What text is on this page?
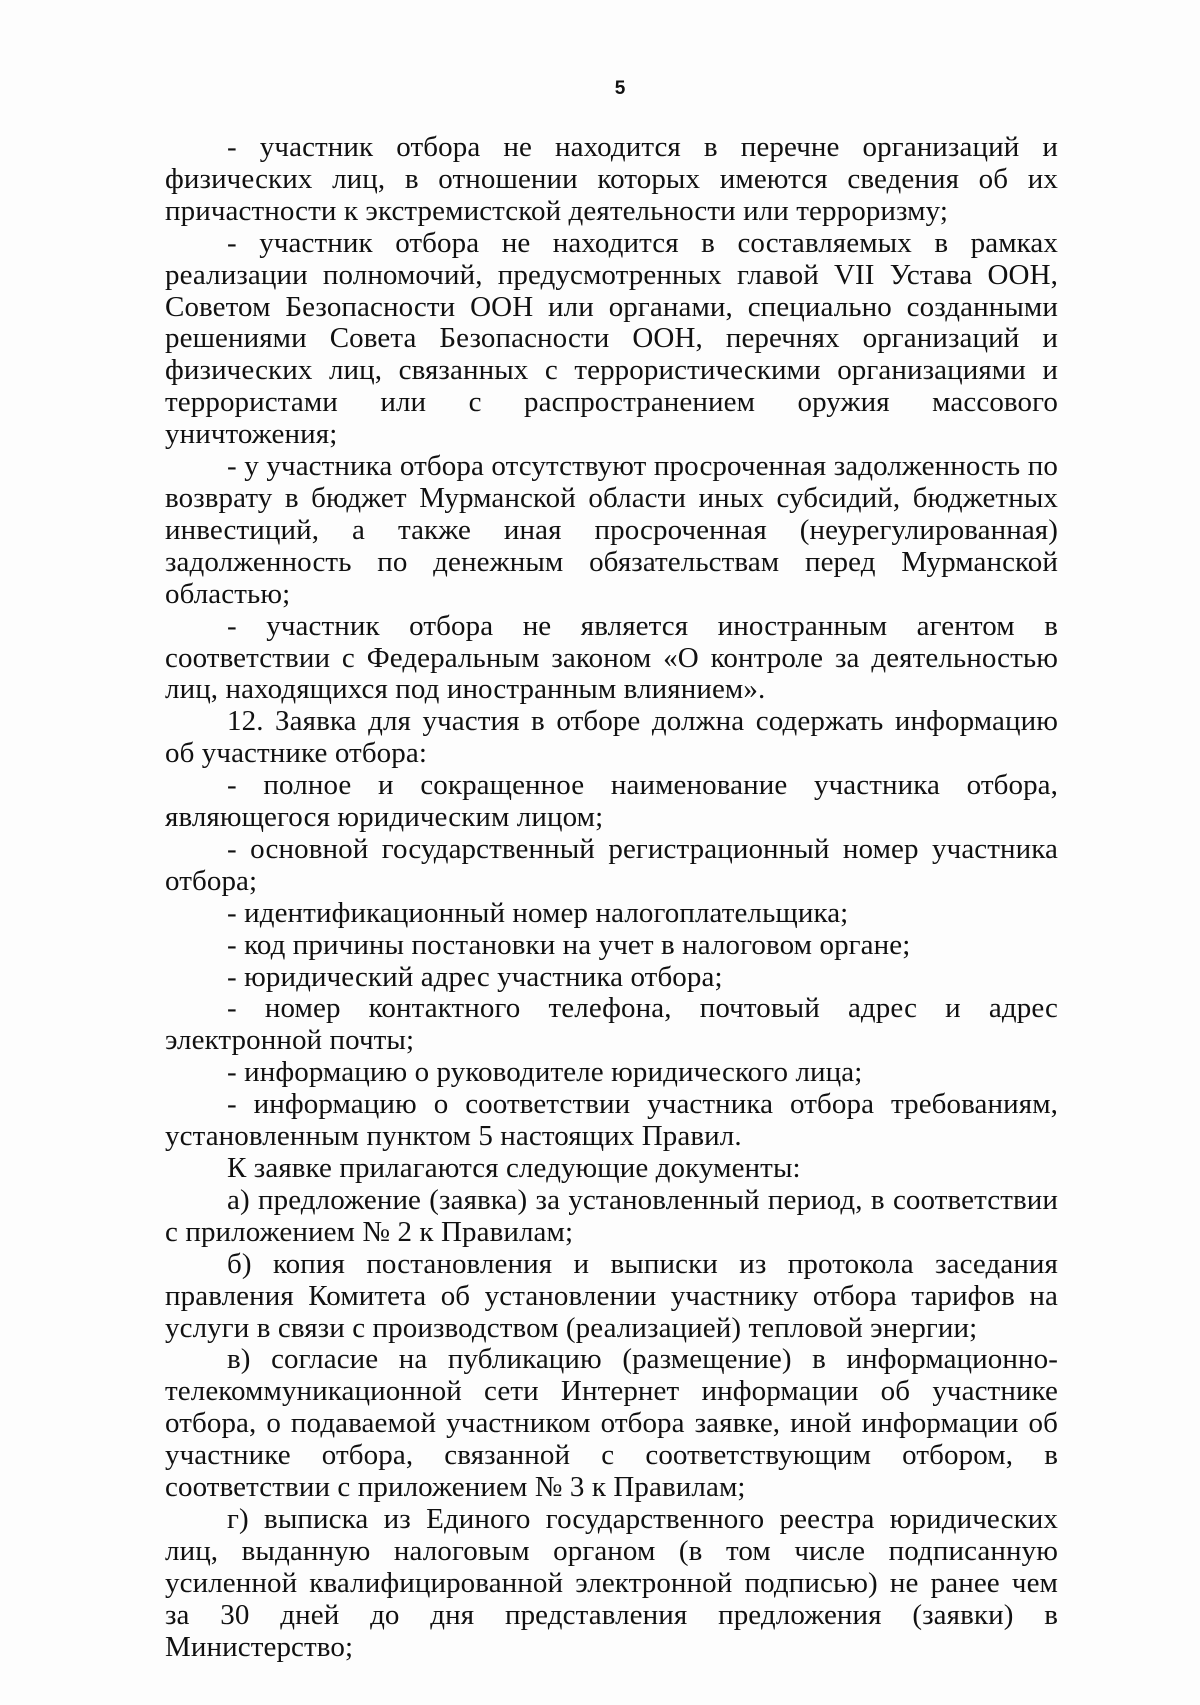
5

- участник отбора не находится в перечне организаций и физических лиц, в отношении которых имеются сведения об их причастности к экстремистской деятельности или терроризму;

- участник отбора не находится в составляемых в рамках реализации полномочий, предусмотренных главой VII Устава ООН, Советом Безопасности ООН или органами, специально созданными решениями Совета Безопасности ООН, перечнях организаций и физических лиц, связанных с террористическими организациями и террористами или с распространением оружия массового уничтожения;

- у участника отбора отсутствуют просроченная задолженность по возврату в бюджет Мурманской области иных субсидий, бюджетных инвестиций, а также иная просроченная (неурегулированная) задолженность по денежным обязательствам перед Мурманской областью;

- участник отбора не является иностранным агентом в соответствии с Федеральным законом «О контроле за деятельностью лиц, находящихся под иностранным влиянием».

12. Заявка для участия в отборе должна содержать информацию об участнике отбора:

- полное и сокращенное наименование участника отбора, являющегося юридическим лицом;

- основной государственный регистрационный номер участника отбора;

- идентификационный номер налогоплательщика;

- код причины постановки на учет в налоговом органе;

- юридический адрес участника отбора;

- номер контактного телефона, почтовый адрес и адрес электронной почты;

- информацию о руководителе юридического лица;

- информацию о соответствии участника отбора требованиям, установленным пунктом 5 настоящих Правил.

К заявке прилагаются следующие документы:

а) предложение (заявка) за установленный период, в соответствии с приложением № 2 к Правилам;

б) копия постановления и выписки из протокола заседания правления Комитета об установлении участнику отбора тарифов на услуги в связи с производством (реализацией) тепловой энергии;

в) согласие на публикацию (размещение) в информационно-телекоммуникационной сети Интернет информации об участнике отбора, о подаваемой участником отбора заявке, иной информации об участнике отбора, связанной с соответствующим отбором, в соответствии с приложением № 3 к Правилам;

г) выписка из Единого государственного реестра юридических лиц, выданную налоговым органом (в том числе подписанную усиленной квалифицированной электронной подписью) не ранее чем за 30 дней до дня представления предложения (заявки) в Министерство;
